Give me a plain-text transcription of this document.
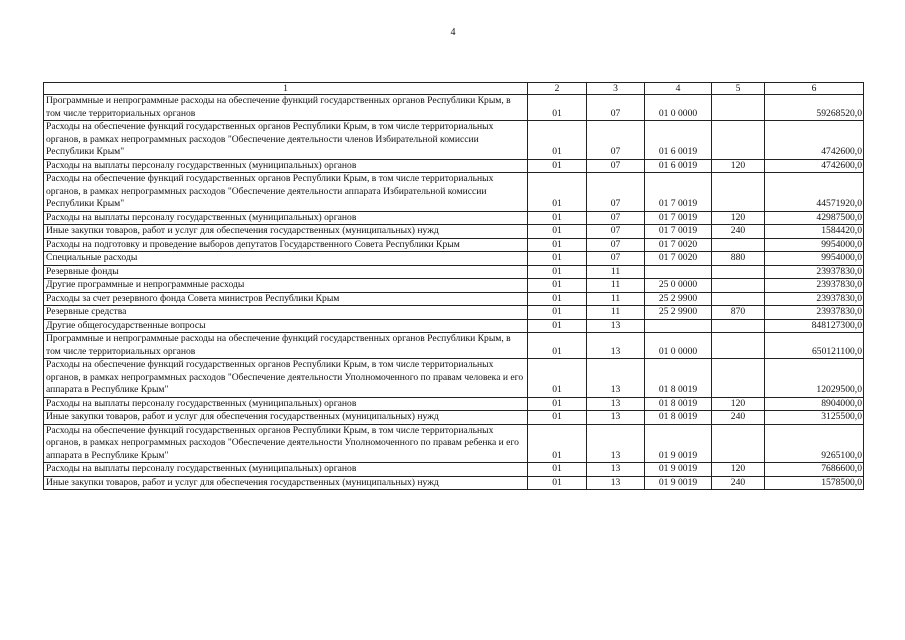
4
1	2	3	4	5	6
Программные и непрограммные расходы на обеспечение функций государственных органов Республики Крым, в том числе территориальных органов	01	07	01 0 0000		59268520,0
Расходы на обеспечение функций государственных органов Республики Крым, в том числе территориальных органов, в рамках непрограммных расходов "Обеспечение деятельности членов Избирательной комиссии Республики Крым"	01	07	01 6 0019		4742600,0
Расходы на выплаты персоналу государственных (муниципальных) органов	01	07	01 6 0019	120	4742600,0
Расходы на обеспечение функций государственных органов Республики Крым, в том числе территориальных органов, в рамках непрограммных расходов "Обеспечение деятельности аппарата Избирательной комиссии Республики Крым"	01	07	01 7 0019		44571920,0
Расходы на выплаты персоналу государственных (муниципальных) органов	01	07	01 7 0019	120	42987500,0
Иные закупки товаров, работ и услуг для обеспечения государственных (муниципальных) нужд	01	07	01 7 0019	240	1584420,0
Расходы на подготовку и проведение выборов депутатов Государственного Совета Республики Крым	01	07	01 7 0020		9954000,0
Специальные расходы	01	07	01 7 0020	880	9954000,0
Резервные фонды	01	11			23937830,0
Другие программные и непрограммные расходы	01	11	25 0 0000		23937830,0
Расходы за счет резервного фонда Совета министров Республики Крым	01	11	25 2 9900		23937830,0
Резервные средства	01	11	25 2 9900	870	23937830,0
Другие общегосударственные вопросы	01	13			848127300,0
Программные и непрограммные расходы на обеспечение функций государственных органов Республики Крым, в том числе территориальных органов	01	13	01 0 0000		650121100,0
Расходы на обеспечение функций государственных органов Республики Крым, в том числе территориальных органов, в рамках непрограммных расходов "Обеспечение деятельности Уполномоченного по правам человека и его аппарата в Республике Крым"	01	13	01 8 0019		12029500,0
Расходы на выплаты персоналу государственных (муниципальных) органов	01	13	01 8 0019	120	8904000,0
Иные закупки товаров, работ и услуг для обеспечения государственных (муниципальных) нужд	01	13	01 8 0019	240	3125500,0
Расходы на обеспечение функций государственных органов Республики Крым, в том числе территориальных органов, в рамках непрограммных расходов "Обеспечение деятельности Уполномоченного по правам ребенка и его аппарата в Республике Крым"	01	13	01 9 0019		9265100,0
Расходы на выплаты персоналу государственных (муниципальных) органов	01	13	01 9 0019	120	7686600,0
Иные закупки товаров, работ и услуг для обеспечения государственных (муниципальных) нужд	01	13	01 9 0019	240	1578500,0
